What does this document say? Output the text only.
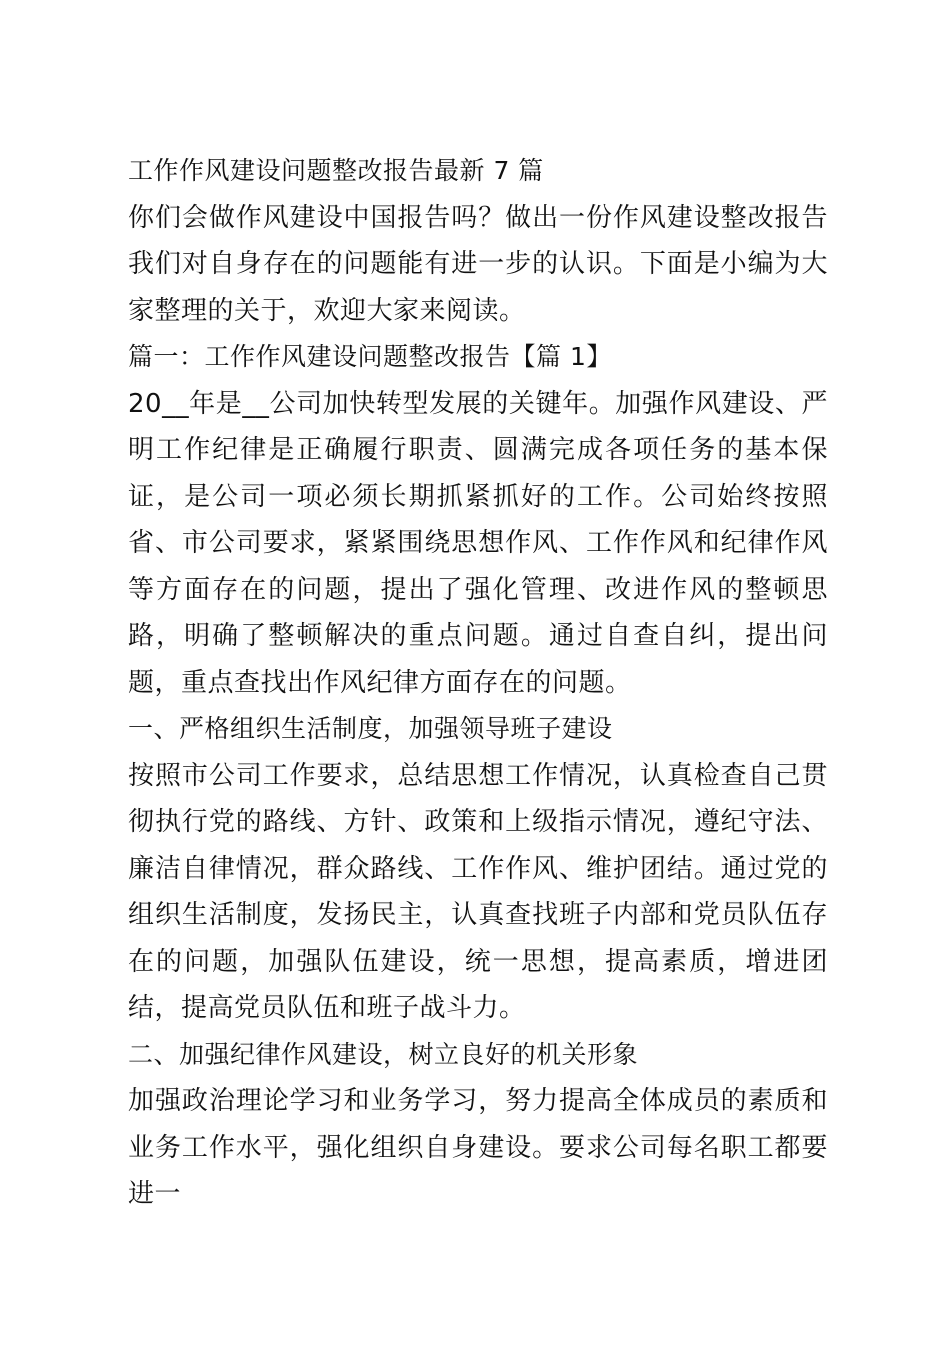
工作作风建设问题整改报告最新 7 篇

你们会做作风建设中国报告吗？做出一份作风建设整改报告我们对自身存在的问题能有进一步的认识。下面是小编为大家整理的关于，欢迎大家来阅读。

篇一：工作作风建设问题整改报告【篇 1】

20__年是__公司加快转型发展的关键年。加强作风建设、严明工作纪律是正确履行职责、圆满完成各项任务的基本保证，是公司一项必须长期抓紧抓好的工作。公司始终按照省、市公司要求，紧紧围绕思想作风、工作作风和纪律作风等方面存在的问题，提出了强化管理、改进作风的整顿思路，明确了整顿解决的重点问题。通过自查自纠，提出问题，重点查找出作风纪律方面存在的问题。

一、严格组织生活制度，加强领导班子建设

按照市公司工作要求，总结思想工作情况，认真检查自己贯彻执行党的路线、方针、政策和上级指示情况，遵纪守法、廉洁自律情况，群众路线、工作作风、维护团结。通过党的组织生活制度，发扬民主，认真查找班子内部和党员队伍存在的问题，加强队伍建设，统一思想，提高素质，增进团结，提高党员队伍和班子战斗力。

二、加强纪律作风建设，树立良好的机关形象

加强政治理论学习和业务学习，努力提高全体成员的素质和业务工作水平，强化组织自身建设。要求公司每名职工都要进一
